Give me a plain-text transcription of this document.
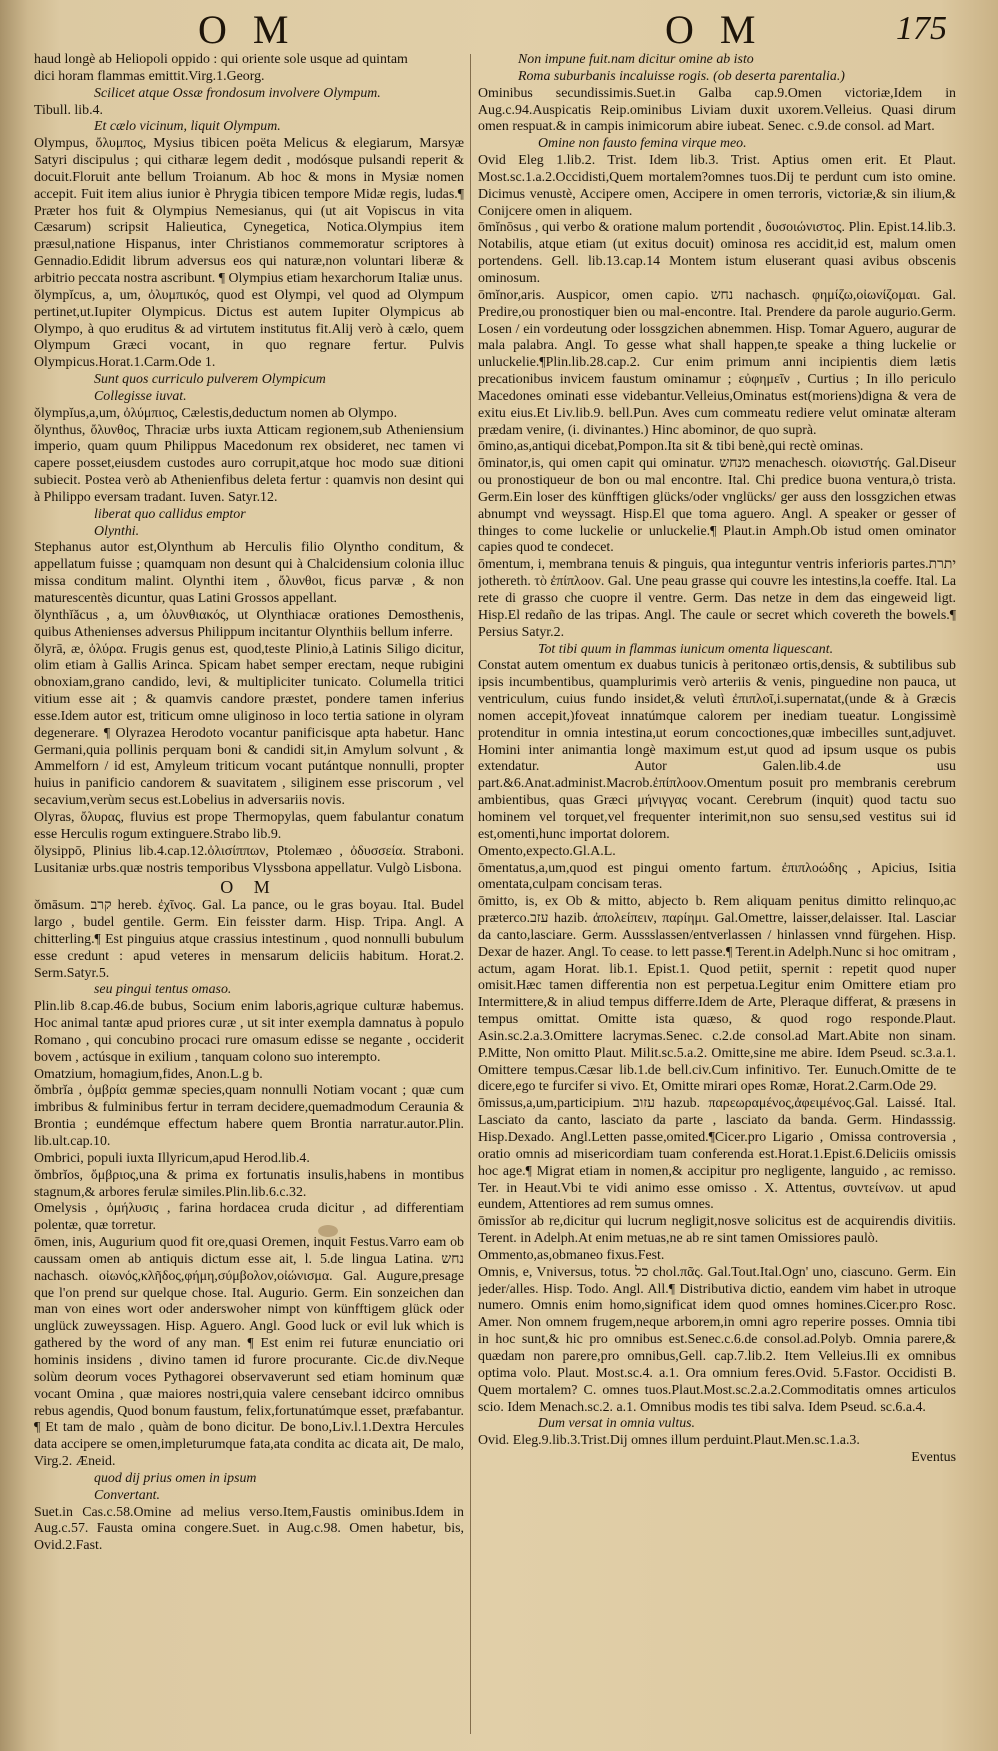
O M	O M	175

haud longè ab Heliopoli oppido : qui oriente sole usque ad quintam

dici horam flammas emittit.Virg.1.Georg.

Scilicet atque Ossæ frondosum involvere Olympum.

Tibull. lib.4.

Et cælo vicinum, liquit Olympum.

Olympus, ὄλυμπος, Mysius tibicen poëta Melicus & elegiarum, Marsyæ Satyri discipulus ; qui citharæ legem dedit , modósque pulsandi reperit & docuit.Floruit ante bellum Troianum. Ab hoc & mons in Mysiæ nomen accepit. Fuit item alius iunior è Phrygia tibicen tempore Midæ regis, ludas.¶ Præter hos fuit & Olympius Nemesianus, qui (ut ait Vopiscus in vita Cæsarum) scripsit Halieutica, Cynegetica, Notica.Olympius item præsul,natione Hispanus, inter Christianos commemoratur scriptores à Gennadio.Edidit librum adversus eos qui naturæ,non voluntari liberæ & arbitrio peccata nostra ascribunt. ¶ Olympius etiam hexarchorum Italiæ unus.

ŏlympĭcus, a, um, ὀλυμπικός, quod est Olympi, vel quod ad Olympum pertinet,ut.Iupiter Olympicus. Dictus est autem Iupiter Olympicus ab Olympo, à quo eruditus & ad virtutem institutus fit.Alij verò à cælo, quem Olympum Græci vocant, in quo regnare fertur. Pulvis Olympicus.Horat.1.Carm.Ode 1.

Sunt quos curriculo pulverem Olympicum

Collegisse iuvat.

ŏlympĭus,a,um, ὀλύμπιος, Cælestis,deductum nomen ab Olympo.

ŏlynthus, ὄλυνθος, Thraciæ urbs iuxta Atticam regionem,sub Atheniensium imperio, quam quum Philippus Macedonum rex obsideret, nec tamen vi capere posset,eiusdem custodes auro corrupit,atque hoc modo suæ ditioni subiecit. Postea verò ab Athenienfibus deleta fertur : quamvis non desint qui à Philippo eversam tradant. Iuven. Satyr.12.

liberat quo callidus emptor

Olynthi.

Stephanus autor est,Olynthum ab Herculis filio Olyntho conditum, & appellatum fuisse ; quamquam non desunt qui à Chalcidensium colonia illuc missa conditum malint. Olynthi item , ὄλυνθοι, ficus parvæ , & non maturescentès dicuntur, quas Latini Grossos appellant.

ŏlynthĭăcus , a, um ὀλυνθιακός, ut Olynthiacæ orationes Demosthenis, quibus Athenienses adversus Philippum incitantur Olynthiis bellum inferre.

ŏlyrā, æ, ὀλύρα. Frugis genus est, quod,teste Plinio,à Latinis Siligo dicitur, olim etiam à Gallis Arinca. Spicam habet semper erectam, neque rubigini obnoxiam,grano candido, levi, & multipliciter tunicato. Columella tritici vitium esse ait ; & quamvis candore præstet, pondere tamen inferius esse.Idem autor est, triticum omne uliginoso in loco tertia satione in olyram degenerare. ¶ Olyrazea Herodoto vocantur panificisque apta habetur. Hanc Germani,quia pollinis perquam boni & candidi sit,in Amylum solvunt , & Ammelforn / id est, Amyleum triticum vocant putántque nonnulli, propter huius in panificio candorem & suavitatem , siliginem esse priscorum , vel secavium,verùm secus est.Lobelius in adversariis novis.

Olyras, ὄλυρας, fluvius est prope Thermopylas, quem fabulantur conatum esse Herculis rogum extinguere.Strabo lib.9.

ŏlysippō, Plinius lib.4.cap.12.ὀλισίππων, Ptolemæo , ὀδυσσεία. Straboni. Lusitaniæ urbs.quæ nostris temporibus Vlyssbona appellatur. Vulgò Lisbona.

O M

ŏmāsum. קרב hereb. ἐχῖνος. Gal. La pance, ou le gras boyau. Ital. Budel largo , budel gentile. Germ. Ein feisster darm. Hisp. Tripa. Angl. A chitterling.¶ Est pinguius atque crassius intestinum , quod nonnulli bubulum esse credunt : apud veteres in mensarum deliciis habitum. Horat.2. Serm.Satyr.5.

seu pingui tentus omaso.

Plin.lib 8.cap.46.de bubus, Socium enim laboris,agrique culturæ habemus. Hoc animal tantæ apud priores curæ , ut sit inter exempla damnatus à populo Romano , qui concubino procaci rure omasum edisse se negante , occiderit bovem , actúsque in exilium , tanquam colono suo interempto.

Omatzium, homagium,fides, Anon.L.g b.

ŏmbrĭa , ὀμβρία gemmæ species,quam nonnulli Notiam vocant ; quæ cum imbribus & fulminibus fertur in terram decidere,quemadmodum Ceraunia & Brontia ; eundémque effectum habere quem Brontia narratur.autor.Plin. lib.ult.cap.10.

Ombrici, populi iuxta Illyricum,apud Herod.lib.4.

ŏmbrĭos, ὄμβριος,una & prima ex fortunatis insulis,habens in montibus stagnum,& arbores ferulæ similes.Plin.lib.6.c.32.

Omelysis , ὀμήλυσις , farina hordacea cruda dicitur , ad differentiam polentæ, quæ torretur.

ōmen, inis, Augurium quod fit ore,quasi Oremen, inquit Festus.Varro eam ob caussam omen ab antiquis dictum esse ait, l. 5.de lingua Latina. נחש nachasch. οἰωνός,κλῆδος,φήμη,σύμβολον,οἰώνισμα. Gal. Augure,presage que l'on prend sur quelque chose. Ital. Augurio. Germ. Ein sonzeichen dan man von eines wort oder anderswoher nimpt von künfftigem glück oder unglück zuweyssagen. Hisp. Aguero. Angl. Good luck or evil luk which is gathered by the word of any man. ¶ Est enim rei futuræ enunciatio ori hominis insidens , divino tamen id furore procurante. Cic.de div.Neque solùm deorum voces Pythagorei observaverunt sed etiam hominum quæ vocant Omina , quæ maiores nostri,quia valere censebant idcirco omnibus rebus agendis, Quod bonum faustum, felix,fortunatúmque esset, præfabantur. ¶ Et tam de malo , quàm de bono dicitur. De bono,Liv.l.1.Dextra Hercules data accipere se omen,impleturumque fata,ata condita ac dicata ait, De malo, Virg.2. Æneid.

quod dij prius omen in ipsum

Convertant.

Suet.in Cas.c.58.Omine ad melius verso.Item,Faustis ominibus.Idem in Aug.c.57. Fausta omina congere.Suet. in Aug.c.98. Omen habetur, bis, Ovid.2.Fast.

Non impune fuit.nam dicitur omine ab isto

Roma suburbanis incaluisse rogis. (ob deserta parentalia.)

Ominibus secundissimis.Suet.in Galba cap.9.Omen victoriæ,Idem in Aug.c.94.Auspicatis Reip.ominibus Liviam duxit uxorem.Velleius. Quasi dirum omen respuat.& in campis inimicorum abire iubeat. Senec. c.9.de consol. ad Mart.

Omine non fausto femina virque meo.

Ovid Eleg 1.lib.2. Trist. Idem lib.3. Trist. Aptius omen erit. Et Plaut. Most.sc.1.a.2.Occidisti,Quem mortalem?omnes tuos.Dij te perdunt cum isto omine. Dicimus venustè, Accipere omen, Accipere in omen terroris, victoriæ,& sin ilium,& Conijcere omen in aliquem.

ōmĭnōsus , qui verbo & oratione malum portendit , δυσοιώνιστος. Plin. Epist.14.lib.3. Notabilis, atque etiam (ut exitus docuit) ominosa res accidit,id est, malum omen portendens. Gell. lib.13.cap.14 Montem istum eluserant quasi avibus obscenis ominosum.

ōmĭnor,aris. Auspicor, omen capio. נחש nachasch. φημίζω,οἰωνίζομαι. Gal. Predire,ou pronostiquer bien ou mal-encontre. Ital. Prendere da parole augurio.Germ. Losen / ein vordeutung oder lossgzichen abnemmen. Hisp. Tomar Aguero, augurar de mala palabra. Angl. To gesse what shall happen,te speake a thing luckelie or unluckelie.¶Plin.lib.28.cap.2. Cur enim primum anni incipientis diem lætis precationibus invicem faustum ominamur ; εὐφημεῖν , Curtius ; In illo periculo Macedones ominati esse videbantur.Velleius,Ominatus est(moriens)digna & vera de exitu eius.Et Liv.lib.9. bell.Pun. Aves cum commeatu rediere velut ominatæ alteram prædam venire, (i. divinantes.) Hinc abominor, de quo suprà.

ōmino,as,antiqui dicebat,Pompon.Ita sit & tibi benè,qui rectè ominas.

ōminator,is, qui omen capit qui ominatur. מנחש menachesch. οἰωνιστής. Gal.Diseur ou pronostiqueur de bon ou mal encontre. Ital. Chi predice buona ventura,ò trista. Germ.Ein loser des künfftigen glücks/oder vnglücks/ ger auss den lossgzichen etwas abnumpt vnd weyssagt. Hisp.El que toma aguero. Angl. A speaker or gesser of thinges to come luckelie or unluckelie.¶ Plaut.in Amph.Ob istud omen ominator capies quod te condecet.

ōmentum, i, membrana tenuis & pinguis, qua integuntur ventris inferioris partes.יתרת jothereth. τὸ ἐπίπλοον. Gal. Une peau grasse qui couvre les intestins,la coeffe. Ital. La rete di grasso che cuopre il ventre. Germ. Das netze in dem das eingeweid ligt. Hisp.El redaño de las tripas. Angl. The caule or secret which covereth the bowels.¶ Persius Satyr.2.

Tot tibi quum in flammas iunicum omenta liquescant.

Constat autem omentum ex duabus tunicis à peritonæo ortis,densis, & subtilibus sub ipsis incumbentibus, quamplurimis verò arteriis & venis, pinguedine non pauca, ut ventriculum, cuius fundo insidet,& velutì ἐπιπλοῖ,i.supernatat,(unde & à Græcis nomen accepit,)foveat innatúmque calorem per inediam tueatur. Longissimè protenditur in omnia intestina,ut eorum concoctiones,quæ imbecilles sunt,adjuvet. Homini inter animantia longè maximum est,ut quod ad ipsum usque os pubis extendatur. Autor Galen.lib.4.de usu part.&6.Anat.administ.Macrob.ἐπίπλοον.Omentum posuit pro membranis cerebrum ambientibus, quas Græci μήνιγγας vocant. Cerebrum (inquit) quod tactu suo hominem vel torquet,vel frequenter interimit,non suo sensu,sed vestitus sui id est,omenti,hunc importat dolorem.

Omento,expecto.Gl.A.L.

ōmentatus,a,um,quod est pingui omento fartum. ἐπιπλοώδης , Apicius, Isitia omentata,culpam concisam teras.

ōmitto, is, ex Ob & mitto, abjecto b. Rem aliquam penitus dimitto relinquo,ac præterco.עזב hazib. ἀπολείπειν, παρίημι. Gal.Omettre, laisser,delaisser. Ital. Lasciar da canto,lasciare. Germ. Aussslassen/entverlassen / hinlassen vnnd fürgehen. Hisp. Dexar de hazer. Angl. To cease. to lett passe.¶ Terent.in Adelph.Nunc si hoc omitram , actum, agam Horat. lib.1. Epist.1. Quod petiit, spernit : repetit quod nuper omisit.Hæc tamen differentia non est perpetua.Legitur enim Omittere etiam pro Intermittere,& in aliud tempus differre.Idem de Arte, Pleraque differat, & præsens in tempus omittat. Omitte ista quæso, & quod rogo responde.Plaut. Asin.sc.2.a.3.Omittere lacrymas.Senec. c.2.de consol.ad Mart.Abite non sinam. P.Mitte, Non omitto Plaut. Milit.sc.5.a.2. Omitte,sine me abire. Idem Pseud. sc.3.a.1. Omittere tempus.Cæsar lib.1.de bell.civ.Cum infinitivo. Ter. Eunuch.Omitte de te dicere,ego te furcifer si vivo. Et, Omitte mirari opes Romæ, Horat.2.Carm.Ode 29.

ōmissus,a,um,participium. עזוב hazub. παρεωραμένος,ἀφειμένος.Gal. Laissé. Ital. Lasciato da canto, lasciato da parte , lasciato da banda. Germ. Hindasssig. Hisp.Dexado. Angl.Letten passe,omited.¶Cicer.pro Ligario , Omissa controversia , oratio omnis ad misericordiam tuam conferenda est.Horat.1.Epist.6.Deliciis omissis hoc age.¶ Migrat etiam in nomen,& accipitur pro negligente, languido , ac remisso. Ter. in Heaut.Vbi te vidi animo esse omisso . Χ. Attentus, συντείνων. ut apud eundem, Attentiores ad rem sumus omnes.

ōmissĭor ab re,dicitur qui lucrum negligit,nosve solicitus est de acquirendis divitiis. Terent. in Adelph.At enim metuas,ne ab re sint tamen Omissiores paulò.

Ommento,as,obmaneo fixus.Fest.

Omnis, e, Vniversus, totus. כל chol.πᾶς. Gal.Tout.Ital.Ogn' uno, ciascuno. Germ. Ein jeder/alles. Hisp. Todo. Angl. All.¶ Distributiva dictio, eandem vim habet in utroque numero. Omnis enim homo,significat idem quod omnes homines.Cicer.pro Rosc. Amer. Non omnem frugem,neque arborem,in omni agro reperire posses. Omnia tibi in hoc sunt,& hic pro omnibus est.Senec.c.6.de consol.ad.Polyb. Omnia parere,& quædam non parere,pro omnibus,Gell. cap.7.lib.2. Item Velleius.Ili ex omnibus optima volo. Plaut. Most.sc.4. a.1. Ora omnium feres.Ovid. 5.Fastor. Occidisti B. Quem mortalem? C. omnes tuos.Plaut.Most.sc.2.a.2.Commoditatis omnes articulos scio. Idem Menach.sc.2. a.1. Omnibus modis tes tibi salva. Idem Pseud. sc.6.a.4.

Dum versat in omnia vultus.

Ovid. Eleg.9.lib.3.Trist.Dij omnes illum perduint.Plaut.Men.sc.1.a.3.

Eventus
